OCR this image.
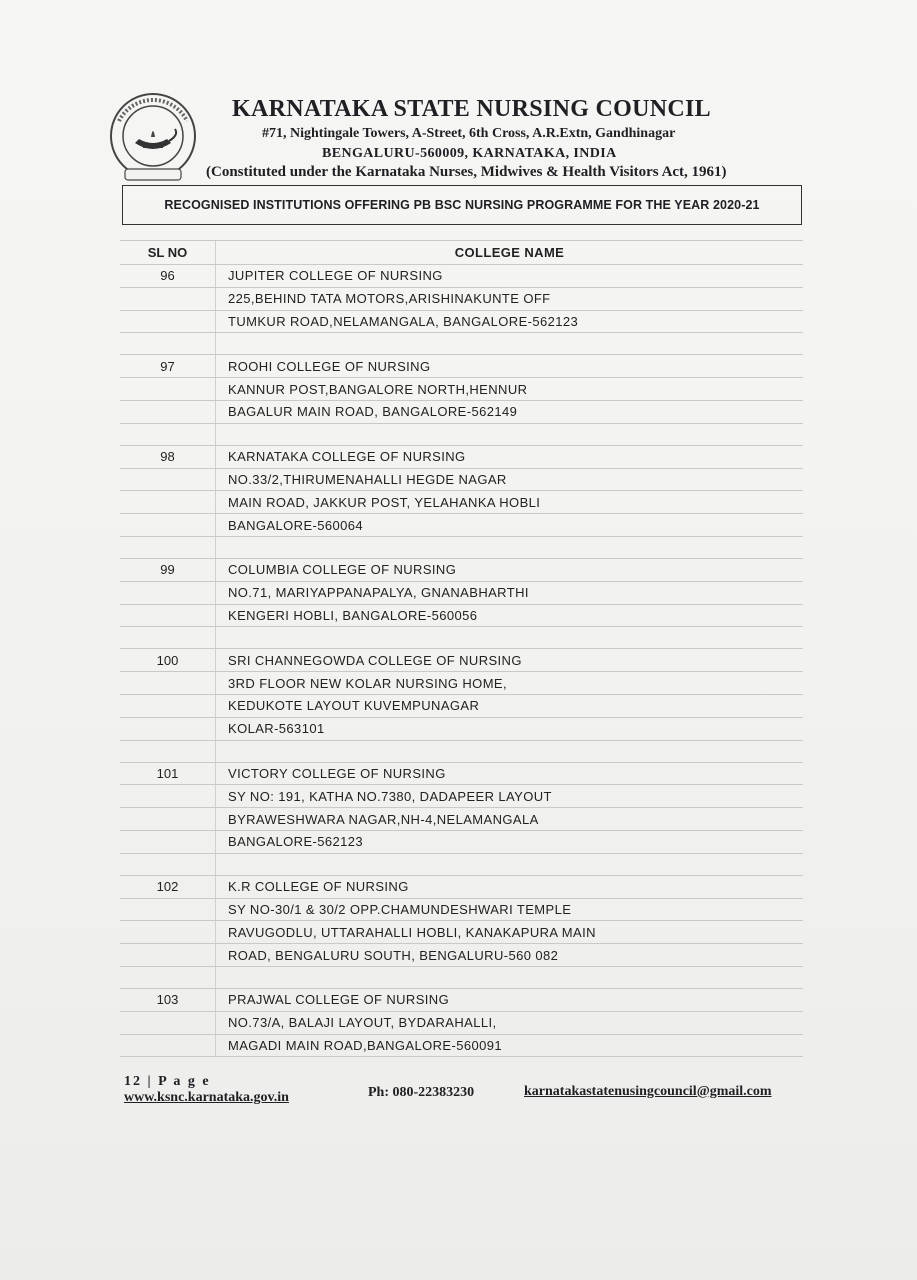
KARNATAKA STATE NURSING COUNCIL
#71, Nightingale Towers, A-Street, 6th Cross, A.R.Extn, Gandhinagar
BENGALURU-560009, KARNATAKA, INDIA
(Constituted under the Karnataka Nurses, Midwives & Health Visitors Act, 1961)
RECOGNISED INSTITUTIONS OFFERING PB BSC NURSING PROGRAMME FOR THE YEAR 2020-21
SL NO	COLLEGE NAME
96	JUPITER COLLEGE OF NURSING
225,BEHIND TATA MOTORS,ARISHINAKUNTE OFF
TUMKUR ROAD,NELAMANGALA, BANGALORE-562123
97	ROOHI COLLEGE OF NURSING
KANNUR POST,BANGALORE NORTH,HENNUR
BAGALUR MAIN ROAD, BANGALORE-562149
98	KARNATAKA COLLEGE OF NURSING
NO.33/2,THIRUMENAHALLI HEGDE NAGAR
MAIN ROAD, JAKKUR POST, YELAHANKA HOBLI
BANGALORE-560064
99	COLUMBIA COLLEGE OF NURSING
NO.71, MARIYAPPANAPALYA, GNANABHARTHI
KENGERI HOBLI, BANGALORE-560056
100	SRI CHANNEGOWDA COLLEGE OF NURSING
3RD FLOOR NEW KOLAR NURSING HOME,
KEDUKOTE LAYOUT KUVEMPUNAGAR
KOLAR-563101
101	VICTORY COLLEGE OF NURSING
SY NO: 191, KATHA NO.7380, DADAPEER LAYOUT
BYRAWESHWARA NAGAR,NH-4,NELAMANGALA
BANGALORE-562123
102	K.R COLLEGE OF NURSING
SY NO-30/1 & 30/2 OPP.CHAMUNDESHWARI TEMPLE
RAVUGODLU, UTTARAHALLI HOBLI, KANAKAPURA MAIN
ROAD, BENGALURU SOUTH, BENGALURU-560 082
103	PRAJWAL COLLEGE OF NURSING
NO.73/A, BALAJI LAYOUT, BYDARAHALLI,
MAGADI MAIN ROAD,BANGALORE-560091
12 | P a g e
www.ksnc.karnataka.gov.in	Ph: 080-22383230	karnatakastatenusingcouncil@gmail.com
